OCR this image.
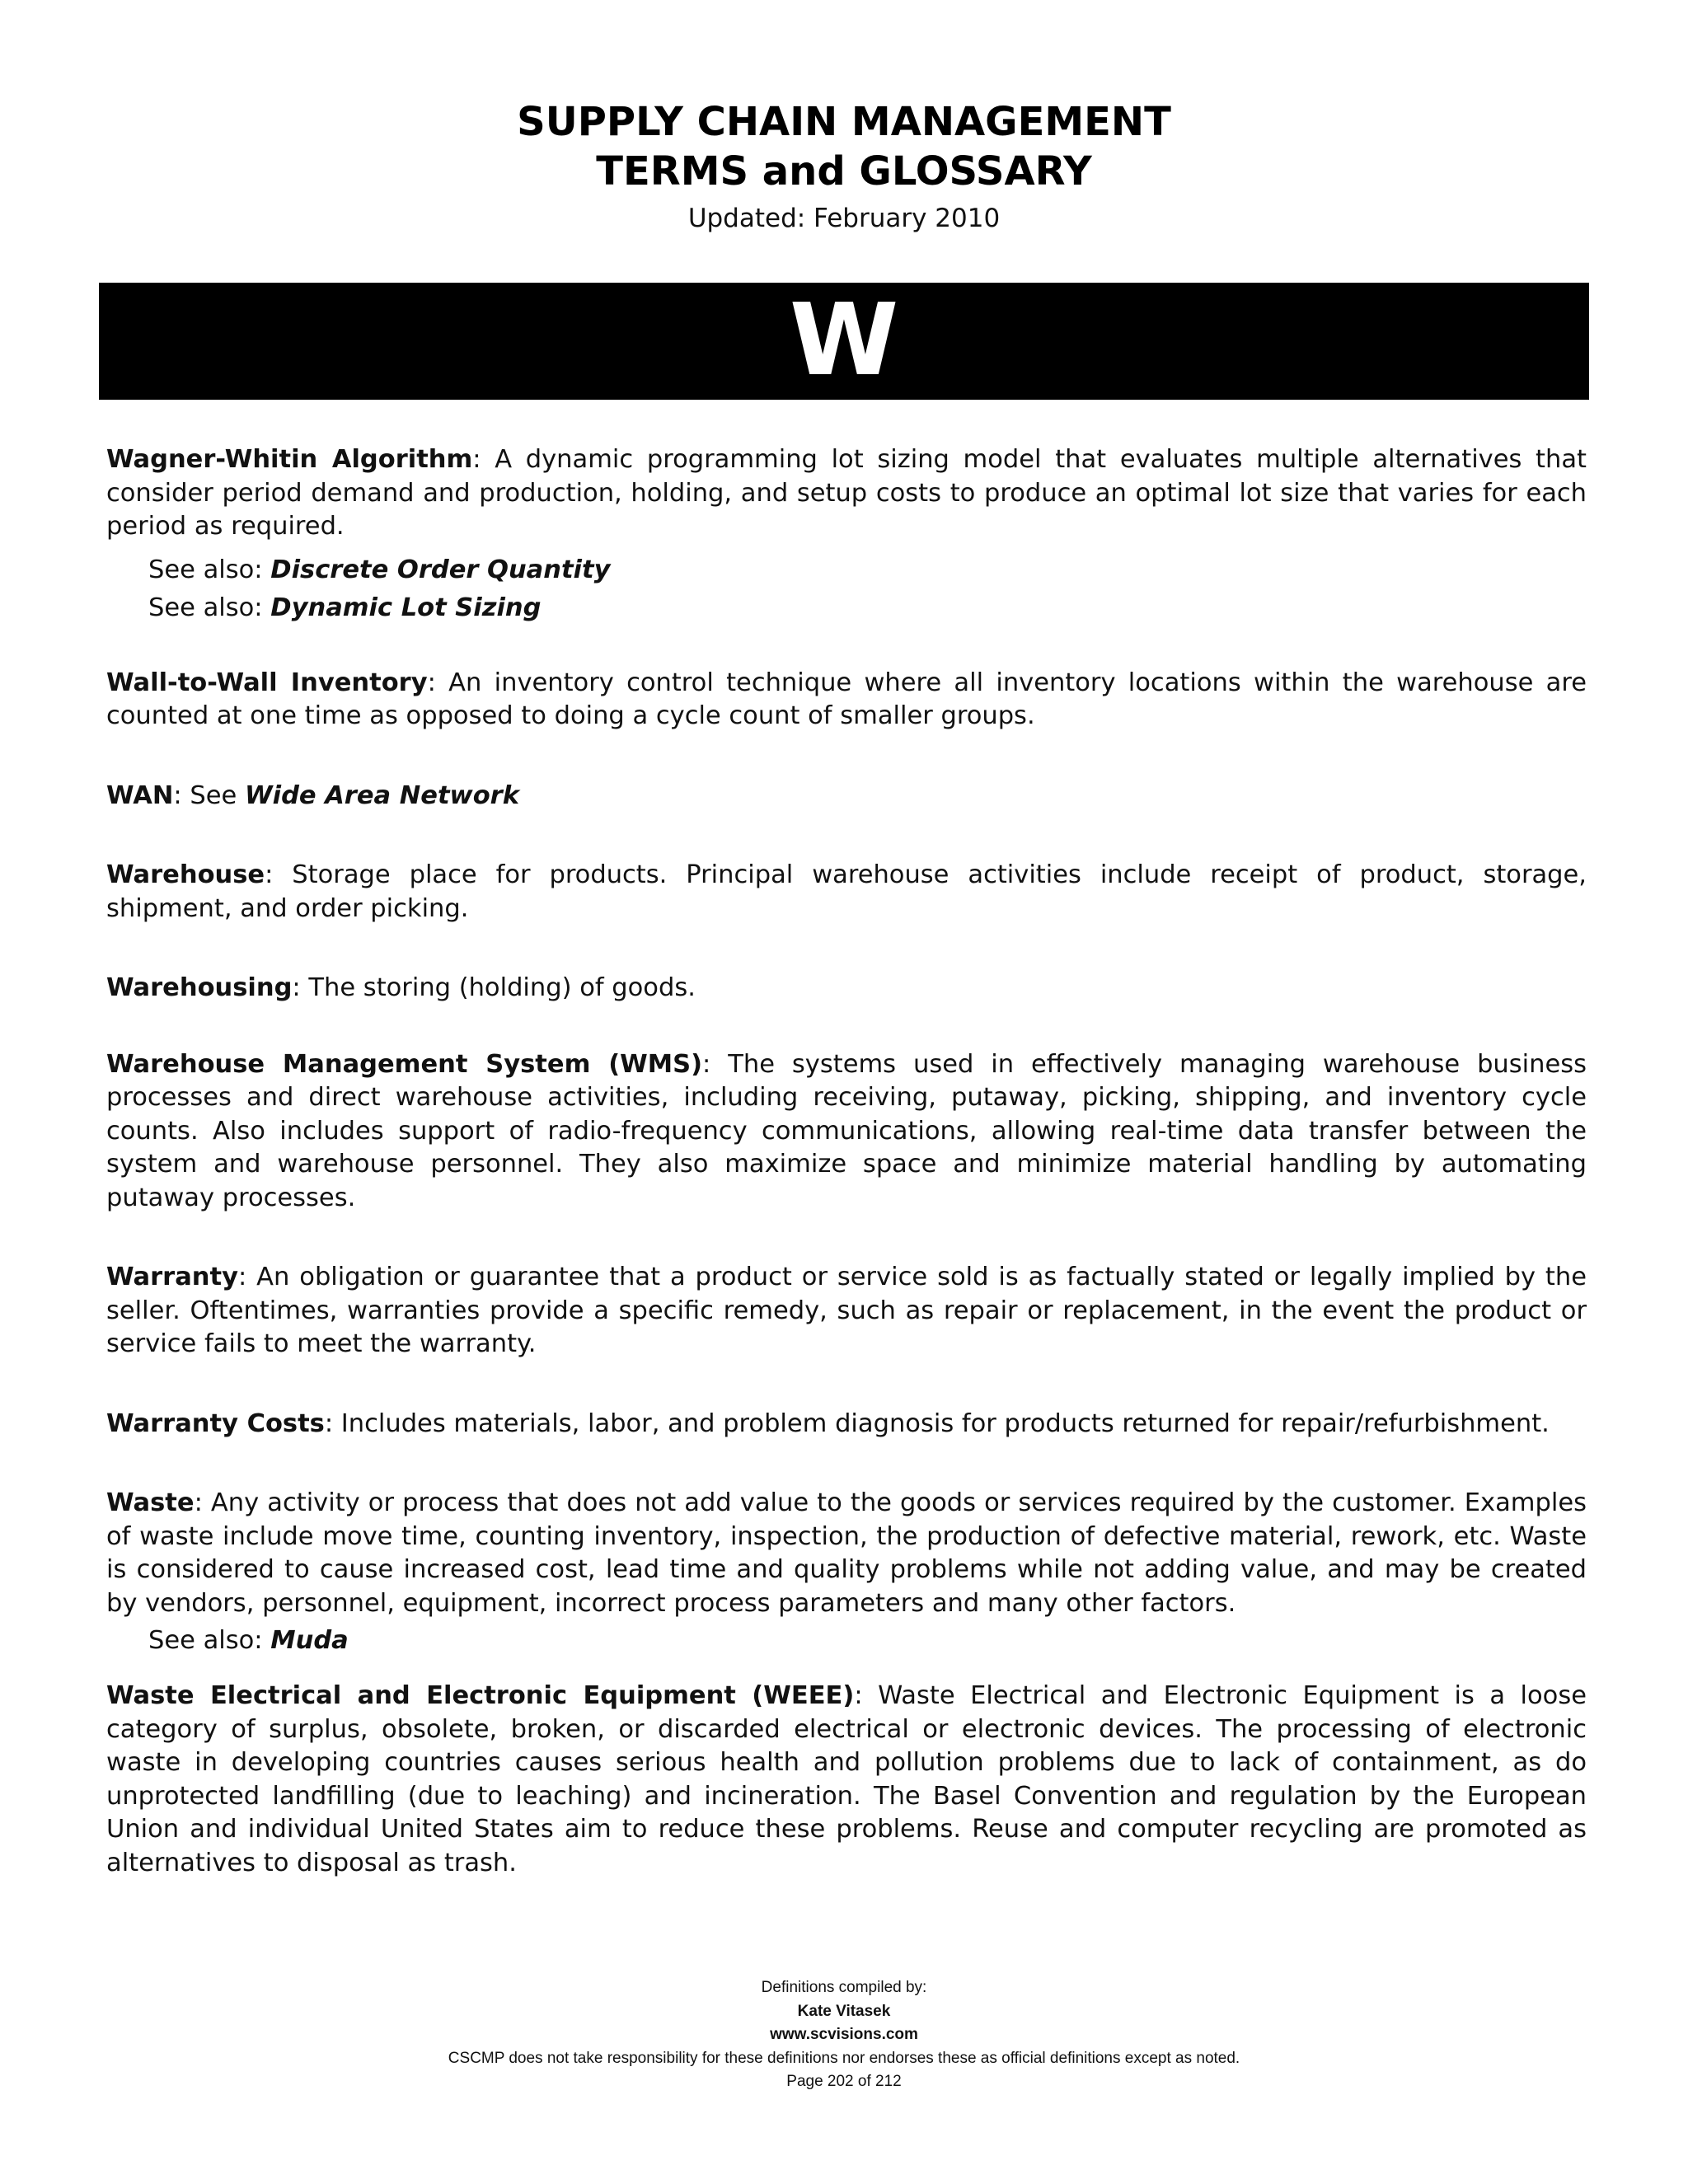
SUPPLY CHAIN MANAGEMENT
TERMS and GLOSSARY
Updated: February 2010
W
Wagner-Whitin Algorithm: A dynamic programming lot sizing model that evaluates multiple alternatives that consider period demand and production, holding, and setup costs to produce an optimal lot size that varies for each period as required.
See also: Discrete Order Quantity
See also: Dynamic Lot Sizing
Wall-to-Wall Inventory: An inventory control technique where all inventory locations within the warehouse are counted at one time as opposed to doing a cycle count of smaller groups.
WAN: See Wide Area Network
Warehouse: Storage place for products. Principal warehouse activities include receipt of product, storage, shipment, and order picking.
Warehousing: The storing (holding) of goods.
Warehouse Management System (WMS): The systems used in effectively managing warehouse business processes and direct warehouse activities, including receiving, putaway, picking, shipping, and inventory cycle counts. Also includes support of radio-frequency communications, allowing real-time data transfer between the system and warehouse personnel. They also maximize space and minimize material handling by automating putaway processes.
Warranty: An obligation or guarantee that a product or service sold is as factually stated or legally implied by the seller. Oftentimes, warranties provide a specific remedy, such as repair or replacement, in the event the product or service fails to meet the warranty.
Warranty Costs: Includes materials, labor, and problem diagnosis for products returned for repair/refurbishment.
Waste: Any activity or process that does not add value to the goods or services required by the customer. Examples of waste include move time, counting inventory, inspection, the production of defective material, rework, etc. Waste is considered to cause increased cost, lead time and quality problems while not adding value, and may be created by vendors, personnel, equipment, incorrect process parameters and many other factors.
See also: Muda
Waste Electrical and Electronic Equipment (WEEE): Waste Electrical and Electronic Equipment is a loose category of surplus, obsolete, broken, or discarded electrical or electronic devices. The processing of electronic waste in developing countries causes serious health and pollution problems due to lack of containment, as do unprotected landfilling (due to leaching) and incineration. The Basel Convention and regulation by the European Union and individual United States aim to reduce these problems. Reuse and computer recycling are promoted as alternatives to disposal as trash.
Definitions compiled by:
Kate Vitasek
www.scvisions.com
CSCMP does not take responsibility for these definitions nor endorses these as official definitions except as noted.
Page 202 of 212
